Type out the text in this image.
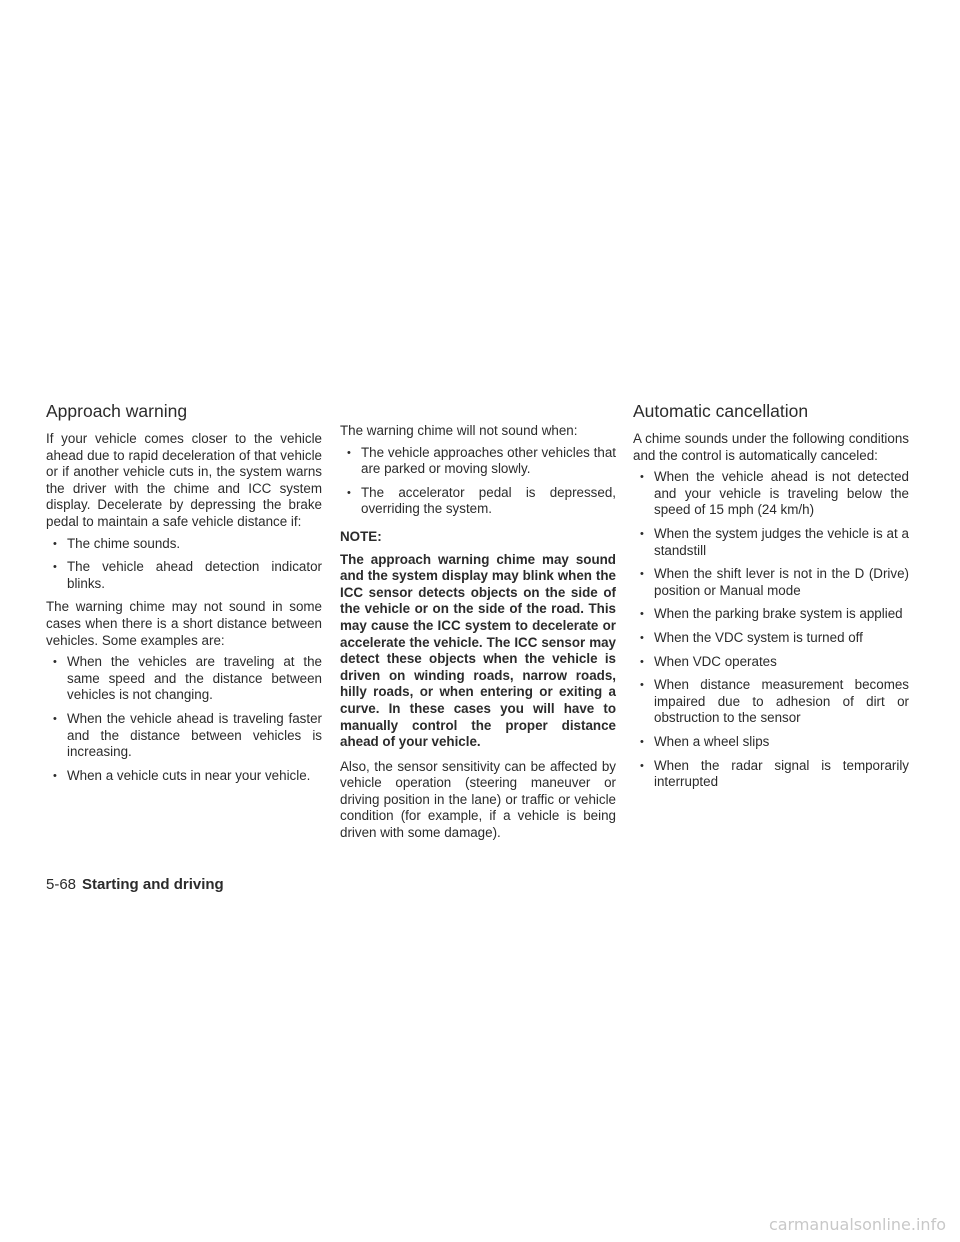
Approach warning

If your vehicle comes closer to the vehicle ahead due to rapid deceleration of that vehicle or if another vehicle cuts in, the system warns the driver with the chime and ICC system display. Decelerate by depressing the brake pedal to maintain a safe vehicle distance if:

• The chime sounds.
• The vehicle ahead detection indicator blinks.

The warning chime may not sound in some cases when there is a short distance between vehicles. Some examples are:

• When the vehicles are traveling at the same speed and the distance between vehicles is not changing.
• When the vehicle ahead is traveling faster and the distance between vehicles is increasing.
• When a vehicle cuts in near your vehicle.

The warning chime will not sound when:

• The vehicle approaches other vehicles that are parked or moving slowly.
• The accelerator pedal is depressed, overriding the system.

NOTE:

The approach warning chime may sound and the system display may blink when the ICC sensor detects objects on the side of the vehicle or on the side of the road. This may cause the ICC system to decelerate or accelerate the vehicle. The ICC sensor may detect these objects when the vehicle is driven on winding roads, narrow roads, hilly roads, or when entering or exiting a curve. In these cases you will have to manually control the proper distance ahead of your vehicle.

Also, the sensor sensitivity can be affected by vehicle operation (steering maneuver or driving position in the lane) or traffic or vehicle condition (for example, if a vehicle is being driven with some damage).

Automatic cancellation

A chime sounds under the following conditions and the control is automatically canceled:

• When the vehicle ahead is not detected and your vehicle is traveling below the speed of 15 mph (24 km/h)
• When the system judges the vehicle is at a standstill
• When the shift lever is not in the D (Drive) position or Manual mode
• When the parking brake system is applied
• When the VDC system is turned off
• When VDC operates
• When distance measurement becomes impaired due to adhesion of dirt or obstruction to the sensor
• When a wheel slips
• When the radar signal is temporarily interrupted
5-68 Starting and driving
carmanualsonline.info
